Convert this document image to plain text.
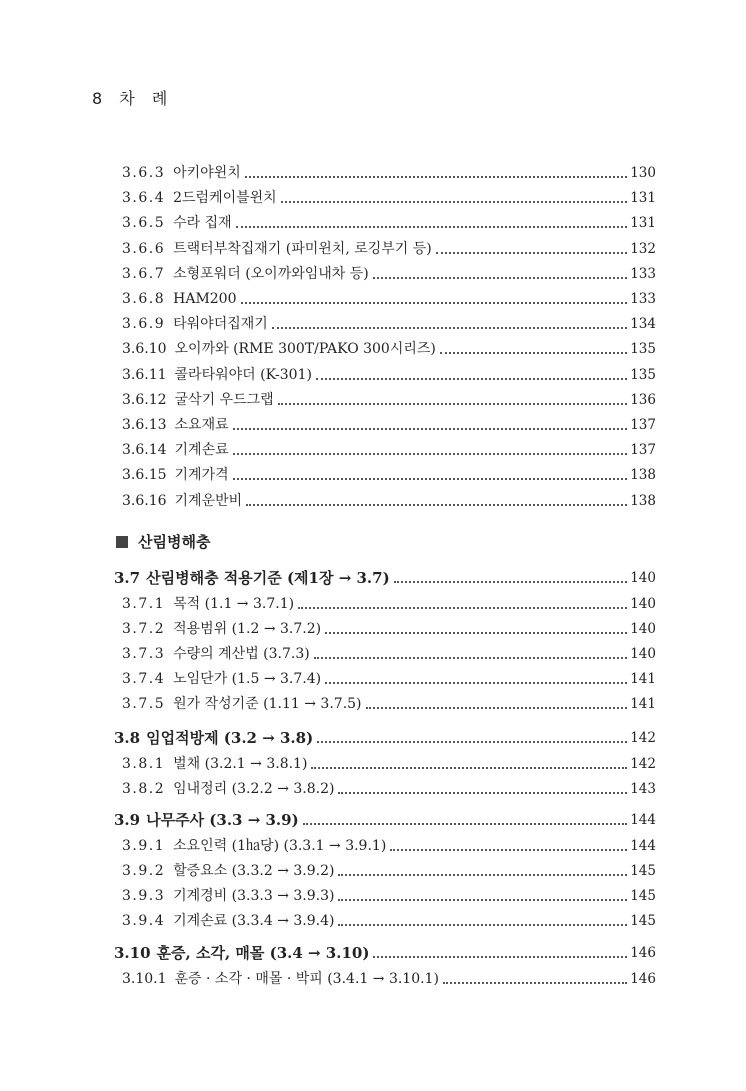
8 차 례
산림병해충
3.6.3 아키야윈치	130
3.6.4 2드럼케이블윈치	131
3.6.5 수라 집재	131
3.6.6 트랙터부착집재기 (파미윈치, 로깅부기 등)	132
3.6.7 소형포워더 (오이까와임내차 등)	133
3.6.8 HAM200	133
3.6.9 타워야더집재기	134
3.6.10 오이까와 (RME 300T/PAKO 300시리즈)	135
3.6.11 콜라타워야더 (K-301)	135
3.6.12 굴삭기 우드그랩	136
3.6.13 소요재료	137
3.6.14 기계손료	137
3.6.15 기계가격	138
3.6.16 기계운반비	138
3.7 산림병해충 적용기준 (제1장 → 3.7)	140
3.7.1 목적 (1.1 → 3.7.1)	140
3.7.2 적용범위 (1.2 → 3.7.2)	140
3.7.3 수량의 계산법 (3.7.3)	140
3.7.4 노임단가 (1.5 → 3.7.4)	141
3.7.5 원가 작성기준 (1.11 → 3.7.5)	141
3.8 임업적방제 (3.2 → 3.8)	142
3.8.1 벌채 (3.2.1 → 3.8.1)	142
3.8.2 임내정리 (3.2.2 → 3.8.2)	143
3.9 나무주사 (3.3 → 3.9)	144
3.9.1 소요인력 (1㏊당) (3.3.1 → 3.9.1)	144
3.9.2 할증요소 (3.3.2 → 3.9.2)	145
3.9.3 기계경비 (3.3.3 → 3.9.3)	145
3.9.4 기계손료 (3.3.4 → 3.9.4)	145
3.10 훈증, 소각, 매몰 (3.4 → 3.10)	146
3.10.1 훈증 · 소각 · 매몰 · 박피 (3.4.1 → 3.10.1)	146
